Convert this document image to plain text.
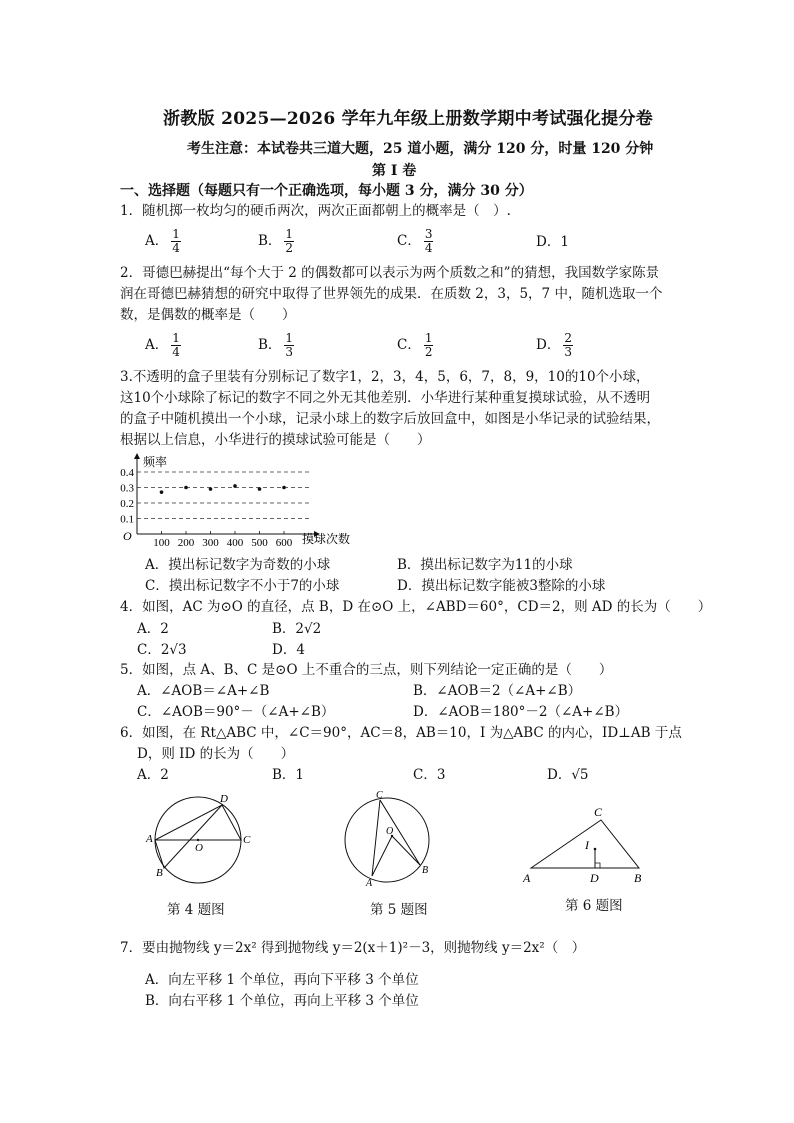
浙教版 2025—2026 学年九年级上册数学期中考试强化提分卷
考生注意：本试卷共三道大题，25 道小题，满分 120 分，时量 120 分钟
第 I 卷
一、选择题（每题只有一个正确选项，每小题 3 分，满分 30 分）
1．随机掷一枚均匀的硬币两次，两次正面都朝上的概率是（　）.
A． $\frac{1}{4}$	B． $\frac{1}{2}$	C． $\frac{3}{4}$	D．1
2．哥德巴赫提出“每个大于 2 的偶数都可以表示为两个质数之和”的猜想，我国数学家陈景
润在哥德巴赫猜想的研究中取得了世界领先的成果．在质数 2，3，5，7 中，随机选取一个
数，是偶数的概率是（　　）
A． $\frac{1}{4}$	B． $\frac{1}{3}$	C． $\frac{1}{2}$	D． $\frac{2}{3}$
3.不透明的盒子里装有分别标记了数字1，2，3，4，5，6，7，8，9，10的10个小球，
这10个小球除了标记的数字不同之外无其他差别．小华进行某种重复摸球试验，从不透明
的盒子中随机摸出一个小球，记录小球上的数字后放回盒中，如图是小华记录的试验结果，
根据以上信息，小华进行的摸球试验可能是（　　）
0.1
0.2
0.3
0.4
100 200 300 400 500 600
频率
摸球次数
O
A．摸出标记数字为奇数的小球	B．摸出标记数字为11的小球
C．摸出标记数字不小于7的小球	D．摸出标记数字能被3整除的小球
4．如图，AC 为⊙O 的直径，点 B，D 在⊙O 上，∠ABD＝60°，CD＝2，则 AD 的长为（　　）
A．2	B．2√2
C．2√3	D．4
5．如图，点 A、B、C 是⊙O 上不重合的三点，则下列结论一定正确的是（　　）
A．∠AOB＝∠A+∠B	B．∠AOB＝2（∠A+∠B）
C．∠AOB＝90°－（∠A+∠B）	D．∠AOB＝180°－2（∠A+∠B）
6．如图，在 Rt△ABC 中，∠C＝90°，AC＝8，AB＝10，I 为△ABC 的内心，ID⊥AB 于点
D，则 ID 的长为（　　）
A．2	B．1	C．3	D．√5
A	C
D
B
O
第 4 题图
C
A
B
O
第 5 题图
C
I
A	D	B
第 6 题图
7．要由抛物线 y＝2x² 得到抛物线 y＝2(x＋1)²－3，则抛物线 y＝2x²（　）
A．向左平移 1 个单位，再向下平移 3 个单位
B．向右平移 1 个单位，再向上平移 3 个单位
